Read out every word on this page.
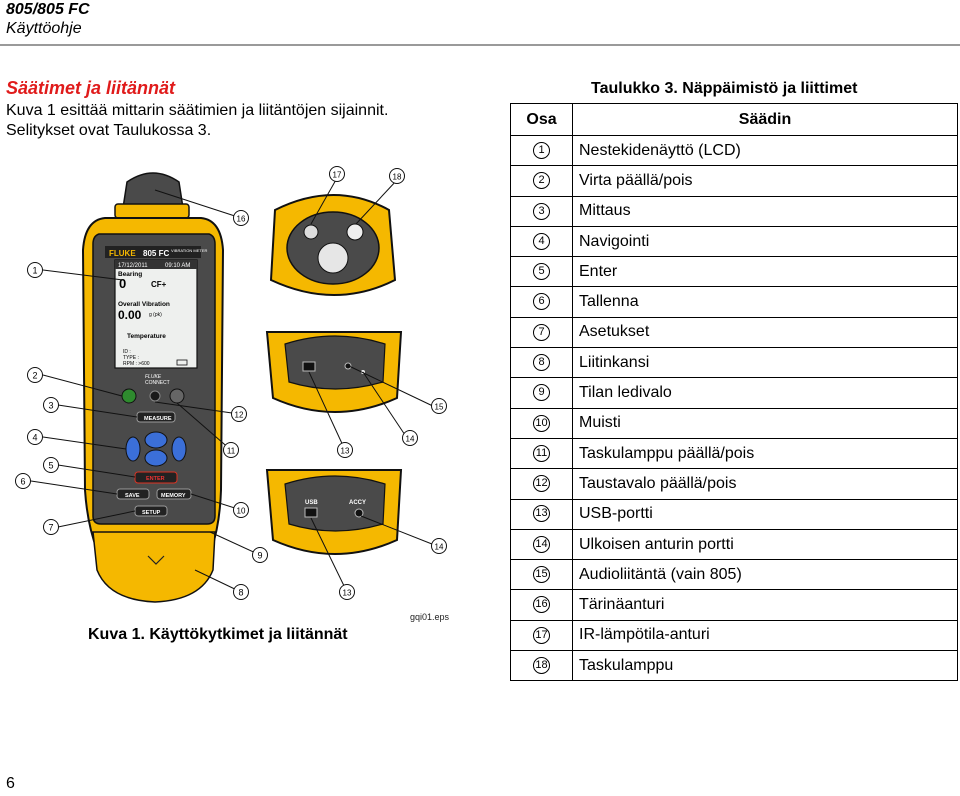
805/805 FC
Käyttöohje
Säätimet ja liitännät
Kuva 1 esittää mittarin säätimien ja liitäntöjen sijainnit. Selitykset ovat Taulukossa 3.
FLUKE 805 FC VIBRATION METER
17/12/2011	09:10 AM
Bearing
0	CF+
Overall Vibration
0.00 g (pk)
Temperature
ID :
TYPE :
RPM : >600
FLUKE
CONNECT
MEASURE
ENTER
SAVE	MEMORY
SETUP
USB	ACCY
1
2
3
4
5
6
7
8
9
10
11
12
13
13
14
14
15
16
17	18
gqi01.eps
Kuva 1. Käyttökytkimet ja liitännät
Taulukko 3. Näppäimistö ja liittimet
Osa	Säädin
1	Nestekidenäyttö (LCD)
2	Virta päällä/pois
3	Mittaus
4	Navigointi
5	Enter
6	Tallenna
7	Asetukset
8	Liitinkansi
9	Tilan ledivalo
10	Muisti
11	Taskulamppu päällä/pois
12	Taustavalo päällä/pois
13	USB-portti
14	Ulkoisen anturin portti
15	Audioliitäntä (vain 805)
16	Tärinäanturi
17	IR-lämpötila-anturi
18	Taskulamppu
6
